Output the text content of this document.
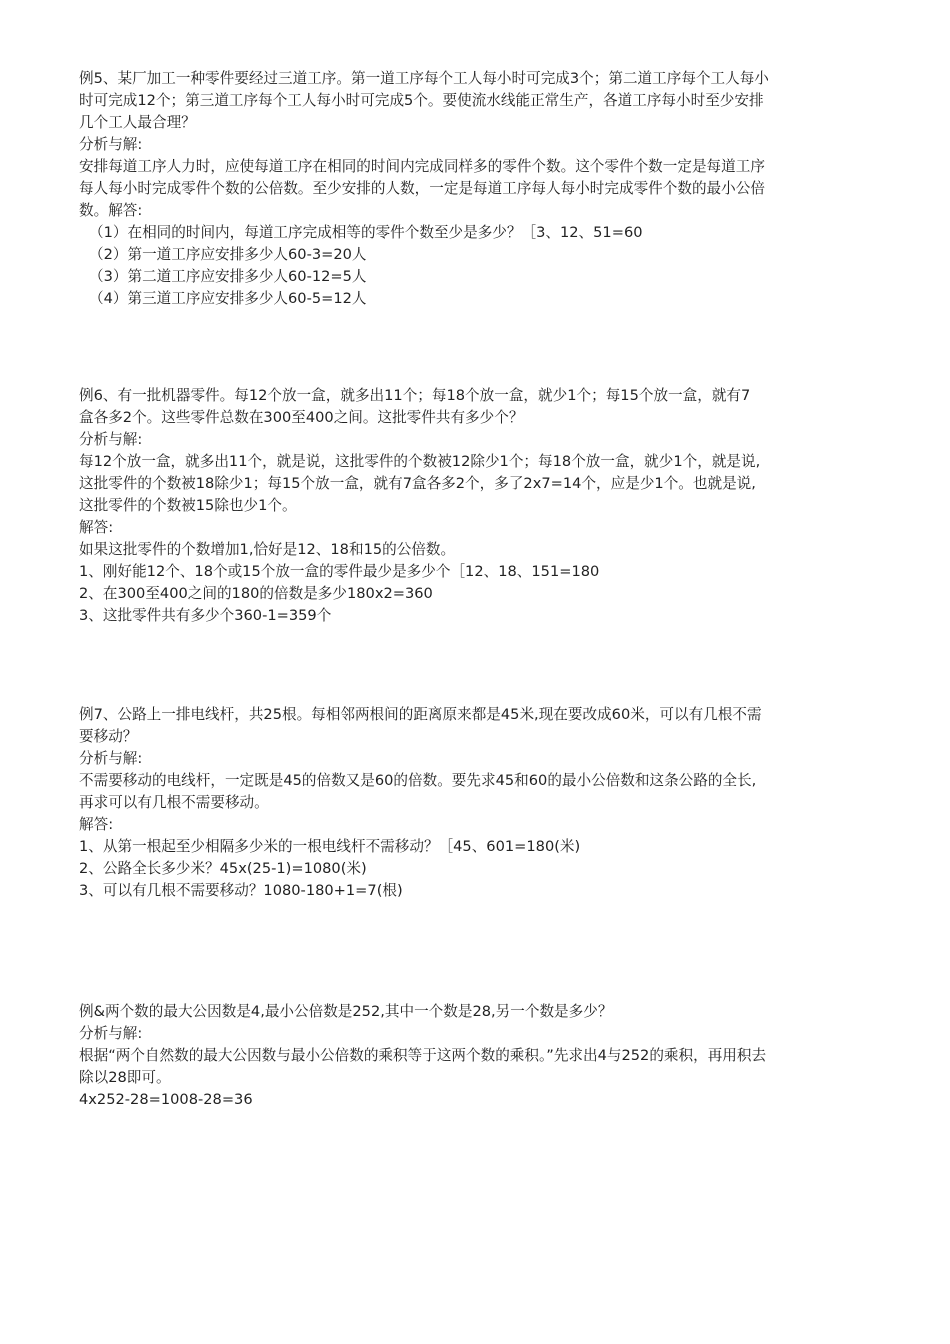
例5、某厂加工一种零件要经过三道工序。第一道工序每个工人每小时可完成3个；第二道工序每个工人每小
时可完成12个；第三道工序每个工人每小时可完成5个。要使流水线能正常生产，各道工序每小时至少安排
几个工人最合理？
分析与解:
安排每道工序人力时，应使每道工序在相同的时间内完成同样多的零件个数。这个零件个数一定是每道工序
每人每小时完成零件个数的公倍数。至少安排的人数，一定是每道工序每人每小时完成零件个数的最小公倍
数。解答:
（1）在相同的时间内，每道工序完成相等的零件个数至少是多少？［3、12、51=60
（2）第一道工序应安排多少人60-3=20人
（3）第二道工序应安排多少人60-12=5人
（4）第三道工序应安排多少人60-5=12人
例6、有一批机器零件。每12个放一盒，就多出11个；每18个放一盒，就少1个；每15个放一盒，就有7
盒各多2个。这些零件总数在300至400之间。这批零件共有多少个？
分析与解:
每12个放一盒，就多出11个，就是说，这批零件的个数被12除少1个；每18个放一盒，就少1个，就是说,
这批零件的个数被18除少1；每15个放一盒，就有7盒各多2个，多了2x7=14个，应是少1个。也就是说,
这批零件的个数被15除也少1个。
解答:
如果这批零件的个数增加1,恰好是12、18和15的公倍数。
1、刚好能12个、18个或15个放一盒的零件最少是多少个［12、18、151=180
2、在300至400之间的180的倍数是多少180x2=360
3、这批零件共有多少个360-1=359个
例7、公路上一排电线杆，共25根。每相邻两根间的距离原来都是45米,现在要改成60米，可以有几根不需
要移动？
分析与解:
不需要移动的电线杆，一定既是45的倍数又是60的倍数。要先求45和60的最小公倍数和这条公路的全长,
再求可以有几根不需要移动。
解答:
1、从第一根起至少相隔多少米的一根电线杆不需移动？［45、601=180(米)
2、公路全长多少米？45x(25-1)=1080(米)
3、可以有几根不需要移动？1080-180+1=7(根)
例&两个数的最大公因数是4,最小公倍数是252,其中一个数是28,另一个数是多少？
分析与解:
根据“两个自然数的最大公因数与最小公倍数的乘积等于这两个数的乘积。”先求出4与252的乘积，再用积去
除以28即可。
4x252-28=1008-28=36
